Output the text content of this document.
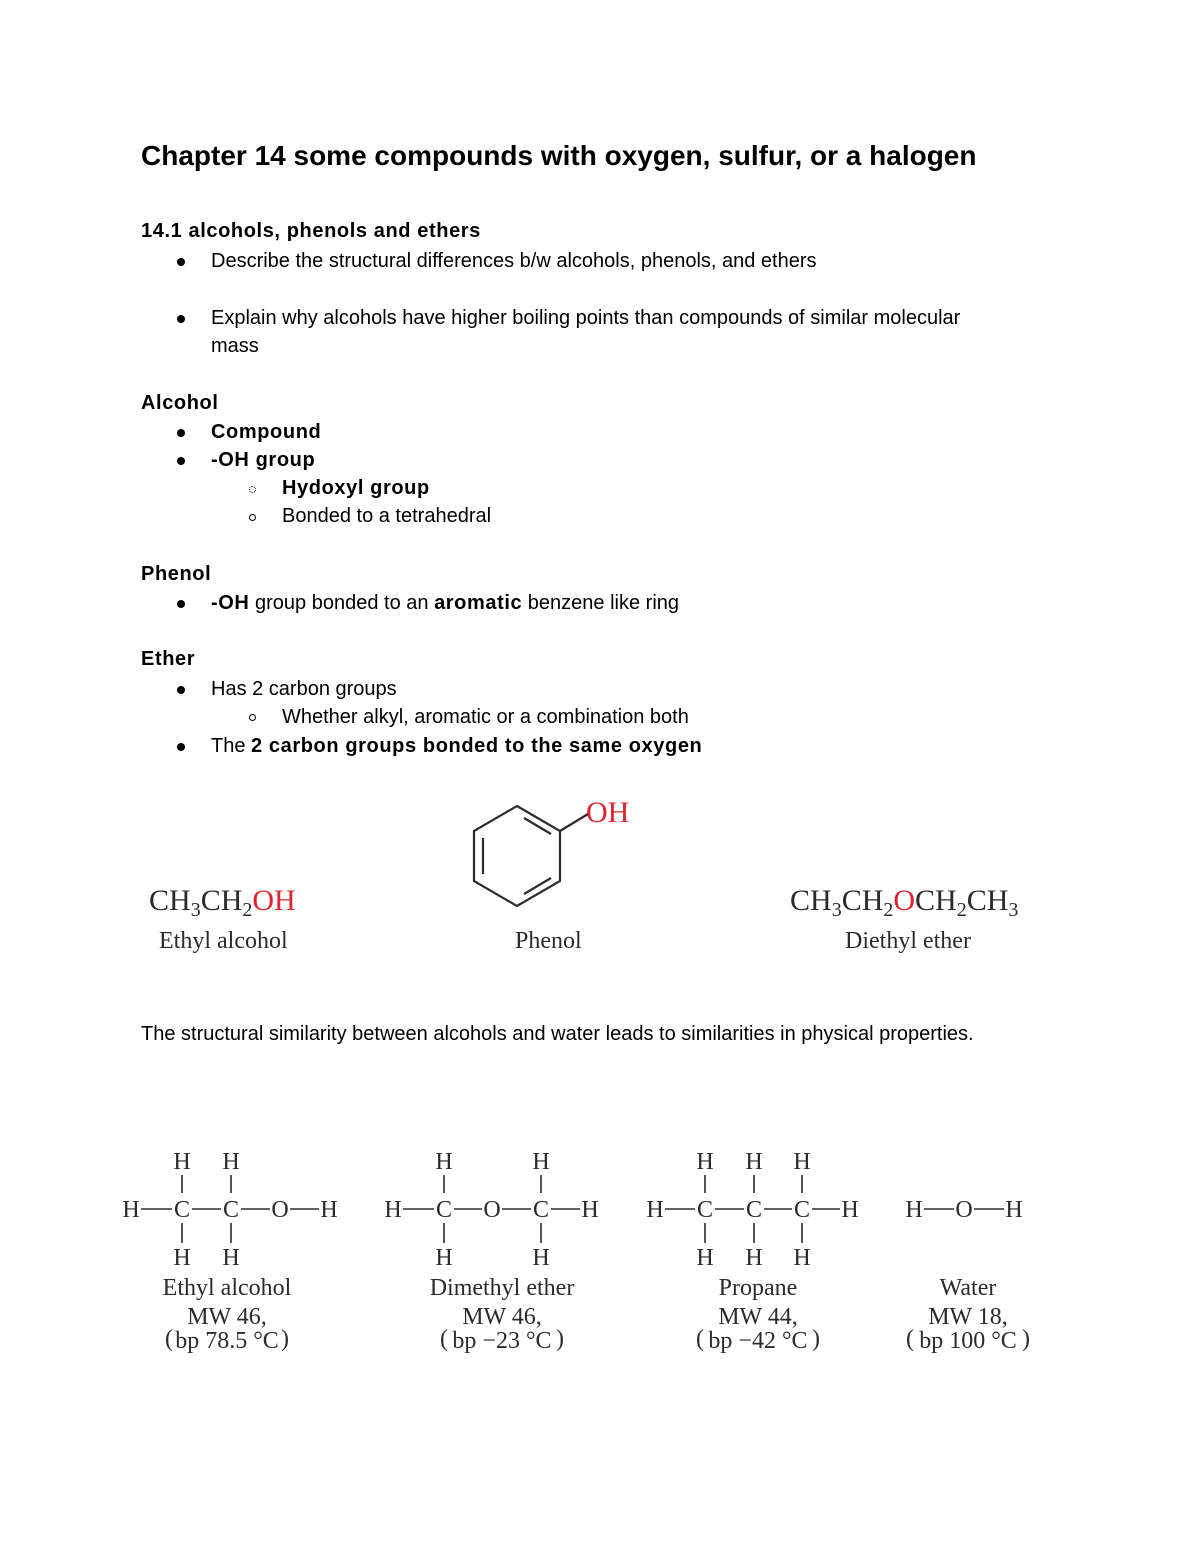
Chapter 14 some compounds with oxygen, sulfur, or a halogen
14.1 alcohols, phenols and ethers
Describe the structural differences b/w alcohols, phenols, and ethers
Explain why alcohols have higher boiling points than compounds of similar molecular
mass
Alcohol
Compound
-OH group
Hydoxyl group
Bonded to a tetrahedral
Phenol
-OH group bonded to an aromatic benzene like ring
Ether
Has 2 carbon groups
Whether alkyl, aromatic or a combination both
The 2 carbon groups bonded to the same oxygen
$CH_3CH_2OH$
Ethyl alcohol	Phenol
OH
$CH_3CH_2OCH_2CH_3$
Diethyl ether
The structural similarity between alcohols and water leads to similarities in physical properties.
H C
H
H
C
H
H
O H H C
H
H
O C
H
H
H H C
H
H
C
H
H
C
H
H
H H O H
Ethyl alcohol
MW 46,
bp 78.5 °C
(	)
Dimethyl ether
MW 46,
bp −23 °C
(	)
Propane
MW 44,
bp −42 °C
(	)
Water
MW 18,
bp 100 °C
(	)
